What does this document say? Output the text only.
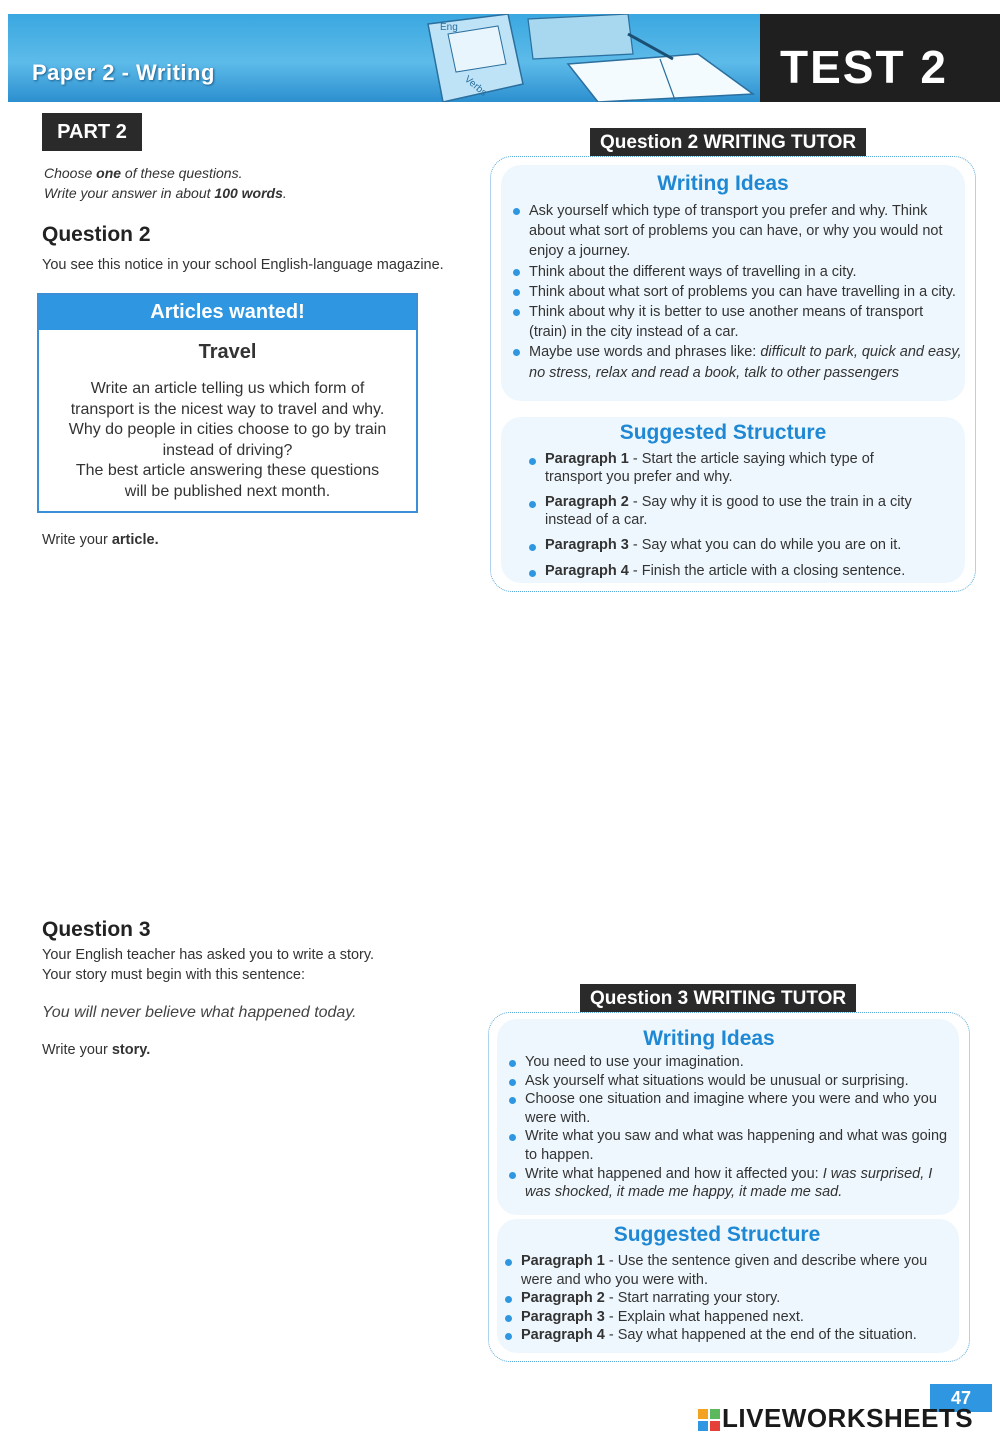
Eng
Verbs
Paper 2 - Writing	TEST 2
PART 2
Choose one of these questions.
Write your answer in about 100 words.
Question 2
You see this notice in your school English-language magazine.
Articles wanted!
Travel
Write an article telling us which form of
transport is the nicest way to travel and why.
Why do people in cities choose to go by train
instead of driving?
The best article answering these questions
will be published next month.
Write your article.
Question 2 WRITING TUTOR
Writing Ideas
Ask yourself which type of transport you prefer and why. Think about what sort of problems you can have, or why you would not enjoy a journey.
Think about the different ways of travelling in a city.
Think about what sort of problems you can have travelling in a city.
Think about why it is better to use another means of transport (train) in the city instead of a car.
Maybe use words and phrases like: difficult to park, quick and easy, no stress, relax and read a book, talk to other passengers
Suggested Structure
Paragraph 1 - Start the article saying which type of transport you prefer and why.
Paragraph 2 - Say why it is good to use the train in a city instead of a car.
Paragraph 3 - Say what you can do while you are on it.
Paragraph 4 - Finish the article with a closing sentence.
Question 3
Your English teacher has asked you to write a story.
Your story must begin with this sentence:
You will never believe what happened today.
Write your story.
Question 3 WRITING TUTOR
Writing Ideas
You need to use your imagination.
Ask yourself what situations would be unusual or surprising.
Choose one situation and imagine where you were and who you were with.
Write what you saw and what was happening and what was going to happen.
Write what happened and how it affected you: I was surprised, I was shocked, it made me happy, it made me sad.
Suggested Structure
Paragraph 1 - Use the sentence given and describe where you were and who you were with.
Paragraph 2 - Start narrating your story.
Paragraph 3 - Explain what happened next.
Paragraph 4 - Say what happened at the end of the situation.
47
LIVEWORKSHEETS
